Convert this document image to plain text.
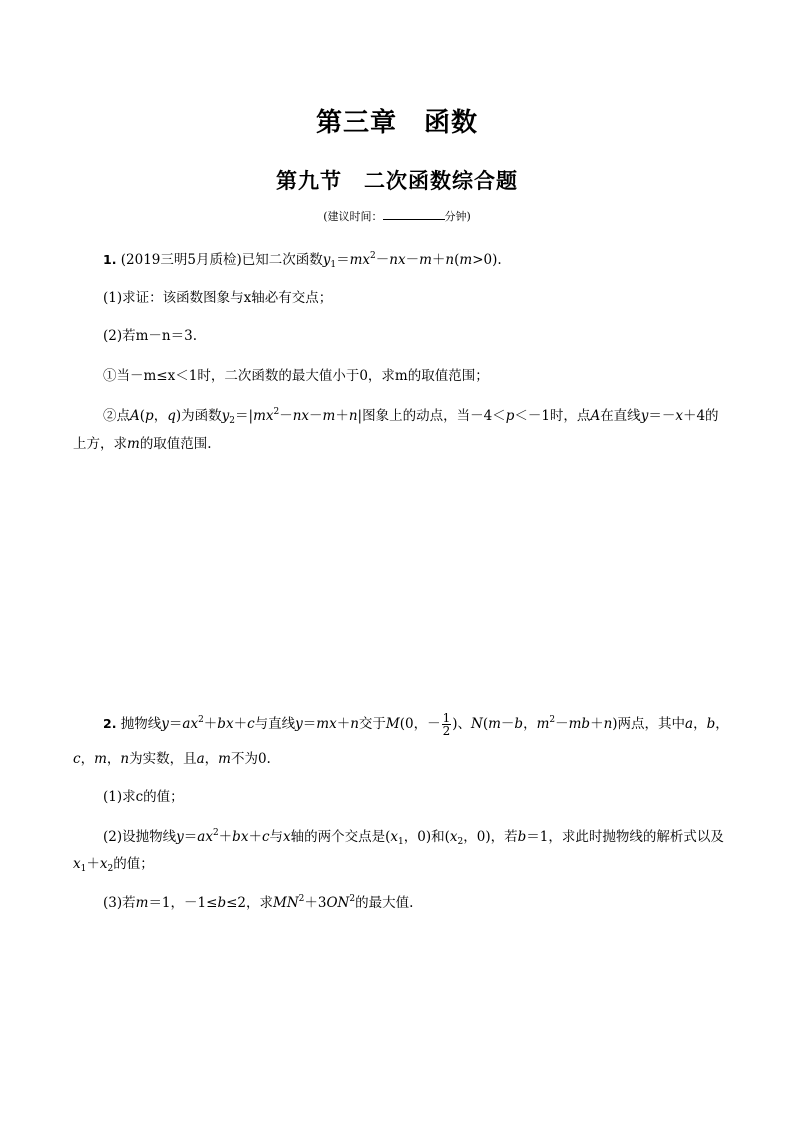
第三章　函数
第九节　二次函数综合题
(建议时间：	分钟)
1. (2019三明5月质检)已知二次函数$y_1=mx^2-nx-m+n(m>0)$.
(1)求证：该函数图象与x轴必有交点；
(2)若m－n＝3.
①当－m≤x＜1时，二次函数的最大值小于0，求m的取值范围；
②点A(p，q)为函数$y_2=|mx^2-nx-m+n|$图象上的动点，当－4＜p＜－1时，点A在直线y＝－x＋4的
上方，求m的取值范围.
2. 抛物线$y=ax^2+bx+c$与直线y＝mx＋n交于M(0，－ $\frac{1}{2}$ )、N(m－b，$m^2-mb+n$)两点，其中a，b，
c，m，n为实数，且a，m不为0.
(1)求c的值；
(2)设抛物线$y=ax^2+bx+c$与x轴的两个交点是($x_1$，0)和($x_2$，0)，若b＝1，求此时抛物线的解析式以及
$x_1+x_2$的值；
(3)若m＝1，－1≤b≤2，求$MN^2+3ON^2$的最大值.
